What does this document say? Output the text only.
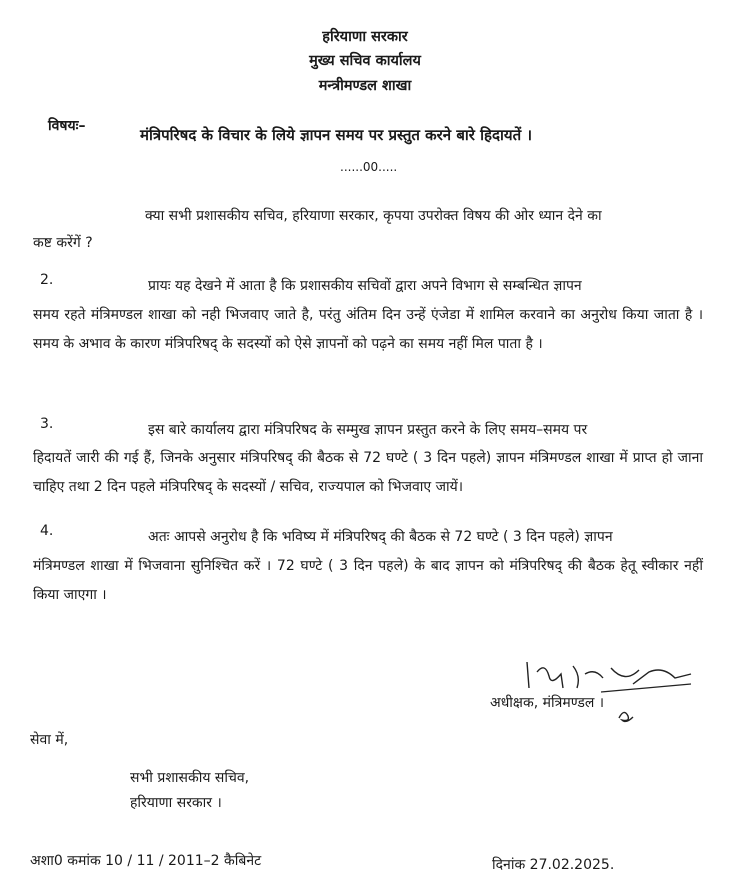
हरियाणा सरकार
मुख्य सचिव कार्यालय
मन्त्रीमण्डल शाखा
विषयः–	मंत्रिपरिषद के विचार के लिये ज्ञापन समय पर प्रस्तुत करने बारे हिदायतें ।
......00.....
क्या सभी प्रशासकीय सचिव, हरियाणा सरकार, कृपया उपरोक्त विषय की ओर ध्यान देने का
कष्ट करेंगें ?
2.	प्रायः यह देखने में आता है कि प्रशासकीय सचिवों द्वारा अपने विभाग से सम्बन्धित ज्ञापन
समय रहते मंत्रिमण्डल शाखा को नही भिजवाए जाते है, परंतु अंतिम दिन उन्हें एंजेडा में शामिल करवाने का अनुरोध किया जाता है । समय के अभाव के कारण मंत्रिपरिषद् के सदस्यों को ऐसे ज्ञापनों को पढ़ने का समय नहीं मिल पाता है ।
3.	इस बारे कार्यालय द्वारा मंत्रिपरिषद के सम्मुख ज्ञापन प्रस्तुत करने के लिए समय–समय पर
हिदायतें जारी की गई हैं, जिनके अनुसार मंत्रिपरिषद् की बैठक से 72 घण्टे ( 3 दिन पहले) ज्ञापन मंत्रिमण्डल शाखा में प्राप्त हो जाना चाहिए तथा 2 दिन पहले मंत्रिपरिषद् के सदस्यों / सचिव, राज्यपाल को भिजवाए जायें।
4.	अतः आपसे अनुरोध है कि भविष्य में मंत्रिपरिषद् की बैठक से 72 घण्टे ( 3 दिन पहले) ज्ञापन
मंत्रिमण्डल शाखा में भिजवाना सुनिश्चित करें । 72 घण्टे ( 3 दिन पहले) के बाद ज्ञापन को मंत्रिपरिषद् की बैठक हेतू स्वीकार नहीं किया जाएगा ।
अधीक्षक, मंत्रिमण्डल ।
सेवा में,
सभी प्रशासकीय सचिव,
हरियाणा सरकार ।
अशा0 कमांक 10 / 11 / 2011–2 कैबिनेट	दिनांक 27.02.2025.
